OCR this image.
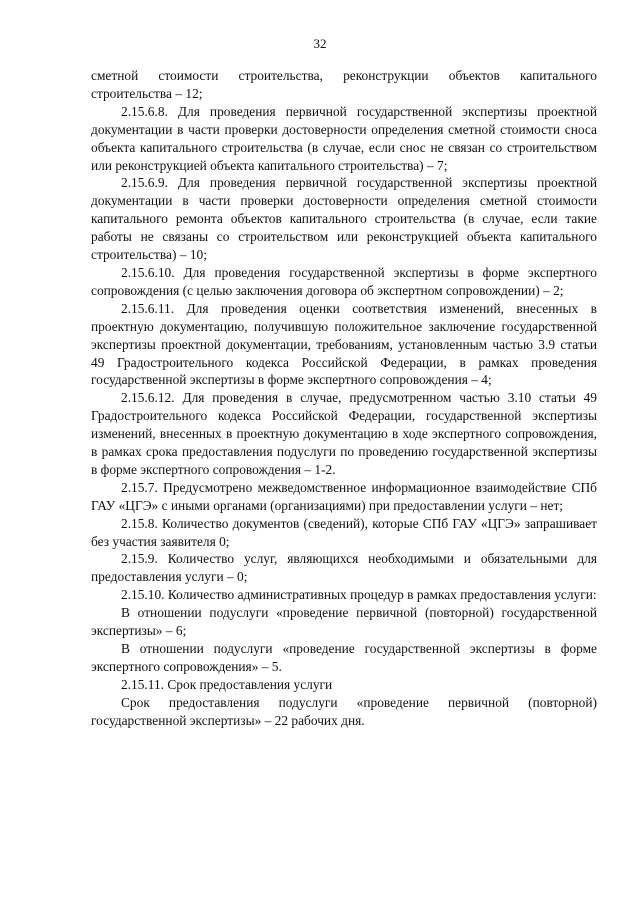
32

сметной стоимости строительства, реконструкции объектов капитального строительства – 12;

2.15.6.8. Для проведения первичной государственной экспертизы проектной документации в части проверки достоверности определения сметной стоимости сноса объекта капитального строительства (в случае, если снос не связан со строительством или реконструкцией объекта капитального строительства) – 7;

2.15.6.9. Для проведения первичной государственной экспертизы проектной документации в части проверки достоверности определения сметной стоимости капитального ремонта объектов капитального строительства (в случае, если такие работы не связаны со строительством или реконструкцией объекта капитального строительства) – 10;

2.15.6.10. Для проведения государственной экспертизы в форме экспертного сопровождения (с целью заключения договора об экспертном сопровождении) – 2;

2.15.6.11. Для проведения оценки соответствия изменений, внесенных в проектную документацию, получившую положительное заключение государственной экспертизы проектной документации, требованиям, установленным частью 3.9 статьи 49 Градостроительного кодекса Российской Федерации, в рамках проведения государственной экспертизы в форме экспертного сопровождения – 4;

2.15.6.12. Для проведения в случае, предусмотренном частью 3.10 статьи 49 Градостроительного кодекса Российской Федерации, государственной экспертизы изменений, внесенных в проектную документацию в ходе экспертного сопровождения, в рамках срока предоставления подуслуги по проведению государственной экспертизы в форме экспертного сопровождения – 1-2.

2.15.7. Предусмотрено межведомственное информационное взаимодействие СПб ГАУ «ЦГЭ» с иными органами (организациями) при предоставлении услуги – нет;

2.15.8. Количество документов (сведений), которые СПб ГАУ «ЦГЭ» запрашивает без участия заявителя 0;

2.15.9. Количество услуг, являющихся необходимыми и обязательными для предоставления услуги – 0;

2.15.10. Количество административных процедур в рамках предоставления услуги:

В отношении подуслуги «проведение первичной (повторной) государственной экспертизы» – 6;

В отношении подуслуги «проведение государственной экспертизы в форме экспертного сопровождения» – 5.

2.15.11. Срок предоставления услуги

Срок предоставления подуслуги «проведение первичной (повторной) государственной экспертизы» – 22 рабочих дня.
